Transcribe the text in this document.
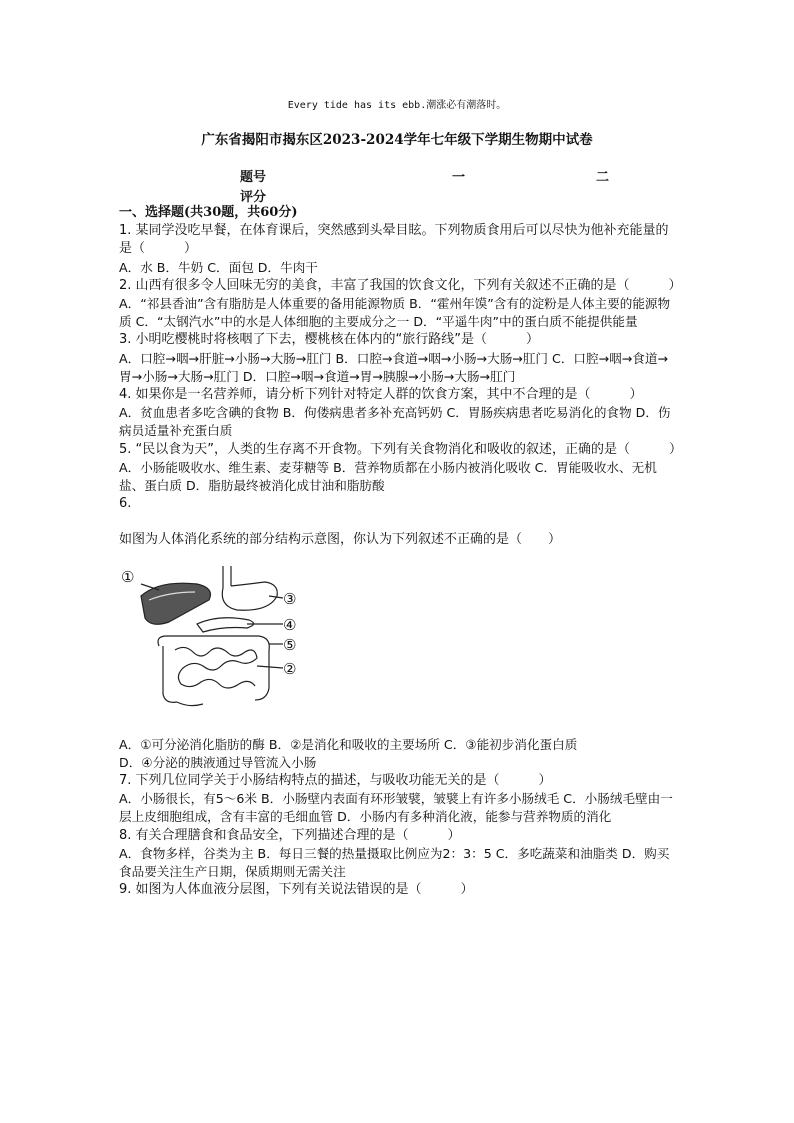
Every tide has its ebb.潮涨必有潮落时。
广东省揭阳市揭东区2023-2024学年七年级下学期生物期中试卷
题号	一	二
评分
一、选择题(共30题，共60分)

1. 某同学没吃早餐，在体育课后，突然感到头晕目眩。下列物质食用后可以尽快为他补充能量的是（　　　）

A．水 B．牛奶 C．面包 D．牛肉干

2. 山西有很多令人回味无穷的美食，丰富了我国的饮食文化，下列有关叙述不正确的是（　　　）

A．“祁县香油”含有脂肪是人体重要的备用能源物质 B．“霍州年馍”含有的淀粉是人体主要的能源物质 C．“太钢汽水”中的水是人体细胞的主要成分之一 D．“平遥牛肉”中的蛋白质不能提供能量

3. 小明吃樱桃时将核咽了下去，樱桃核在体内的“旅行路线”是（　　　）

A．口腔→咽→肝脏→小肠→大肠→肛门 B．口腔→食道→咽→小肠→大肠→肛门 C．口腔→咽→食道→胃→小肠→大肠→肛门 D．口腔→咽→食道→胃→胰腺→小肠→大肠→肛门

4. 如果你是一名营养师，请分析下列针对特定人群的饮食方案，其中不合理的是（　　　）

A．贫血患者多吃含碘的食物 B．佝偻病患者多补充高钙奶 C．胃肠疾病患者吃易消化的食物 D．伤病员适量补充蛋白质

5. “民以食为天”，人类的生存离不开食物。下列有关食物消化和吸收的叙述，正确的是（　　　）

A．小肠能吸收水、维生素、麦芽糖等 B．营养物质都在小肠内被消化吸收 C．胃能吸收水、无机盐、蛋白质 D．脂肪最终被消化成甘油和脂肪酸

6.

如图为人体消化系统的部分结构示意图，你认为下列叙述不正确的是（　　）

①
③
④
⑤
②

A．①可分泌消化脂肪的酶 B．②是消化和吸收的主要场所 C．③能初步消化蛋白质

D．④分泌的胰液通过导管流入小肠

7. 下列几位同学关于小肠结构特点的描述，与吸收功能无关的是（　　　）

A．小肠很长，有5～6米 B．小肠壁内表面有环形皱襞，皱襞上有许多小肠绒毛 C．小肠绒毛壁由一层上皮细胞组成，含有丰富的毛细血管 D．小肠内有多种消化液，能参与营养物质的消化

8. 有关合理膳食和食品安全，下列描述合理的是（　　　）

A．食物多样，谷类为主 B．每日三餐的热量摄取比例应为2：3：5 C．多吃蔬菜和油脂类 D．购买食品要关注生产日期，保质期则无需关注

9. 如图为人体血液分层图，下列有关说法错误的是（　　　）
